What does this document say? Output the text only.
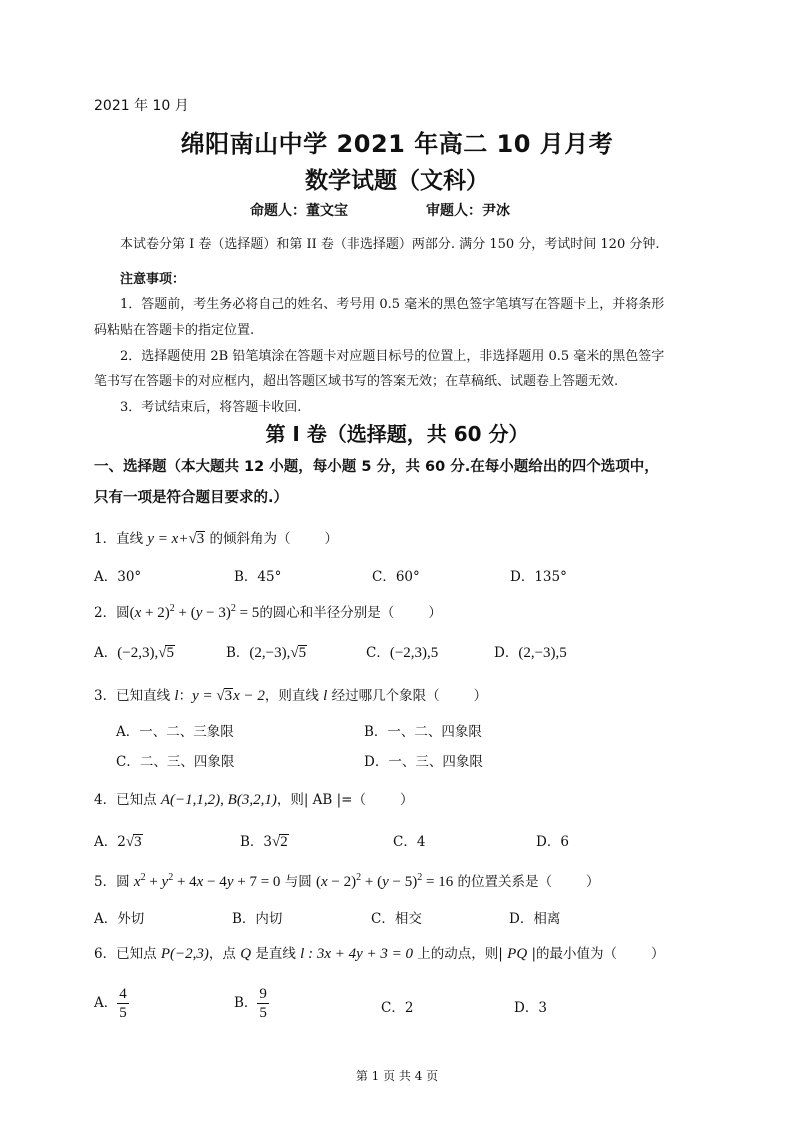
2021 年 10 月
绵阳南山中学 2021 年高二 10 月月考
数学试题（文科）
命题人：董文宝	审题人：尹冰
本试卷分第 I 卷（选择题）和第 II 卷（非选择题）两部分. 满分 150 分，考试时间 120 分钟.
注意事项：
1．答题前，考生务必将自己的姓名、考号用 0.5 毫米的黑色签字笔填写在答题卡上，并将条形
码粘贴在答题卡的指定位置.
2．选择题使用 2B 铅笔填涂在答题卡对应题目标号的位置上，非选择题用 0.5 毫米的黑色签字
笔书写在答题卡的对应框内，超出答题区域书写的答案无效；在草稿纸、试题卷上答题无效.
3．考试结束后，将答题卡收回.
第 I 卷（选择题，共 60 分）
一、选择题（本大题共 12 小题，每小题 5 分，共 60 分.在每小题给出的四个选项中，
只有一项是符合题目要求的.）
1．直线 y = x+√3 的倾斜角为（	）
A．30°	B．45°	C．60°	D．135°
2．圆$(x + 2)^2 + (y - 3)^2 = 5$的圆心和半径分别是（	）
A．(−2,3),√5	B．(2,−3),√5	C．(−2,3),5	D．(2,−3),5
3．已知直线 l：y = √3x − 2，则直线 l 经过哪几个象限（	）
A．一、二、三象限	B．一、二、四象限
C．二、三、四象限	D．一、三、四象限
4．已知点 A(−1,1,2), B(3,2,1)，则| AB |=（	）
A．2√3	B．3√2	C．4	D．6
5．圆 $x^2 + y^2 + 4x - 4y + 7 = 0$ 与圆 $(x - 2)^2 + (y - 5)^2 = 16$ 的位置关系是（	）
A．外切	B．内切	C．相交	D．相离
6．已知点 P(−2,3)，点 Q 是直线 l : 3x + 4y + 3 = 0 上的动点，则| PQ |的最小值为（	）
A． $\frac{4}{5}$	B． $\frac{9}{5}$	C．2	D．3
第 1 页 共 4 页
